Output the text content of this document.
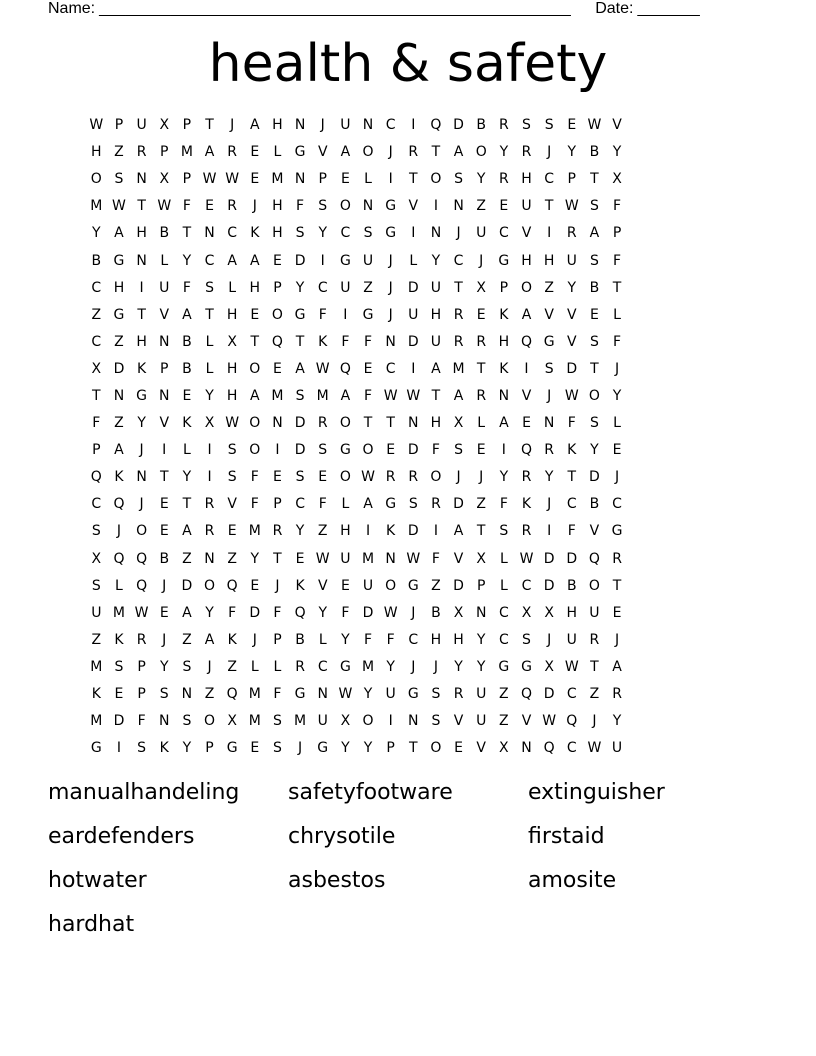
Name: _____________________________________________________ Date: _______
health & safety
W P U X P	T	J	A H N	J	U N C	I	Q D B R S S E W V
H Z R P M A R E	L G V A O	J	R T A O Y R	J	Y B Y
O S N X P W W E M N P E	L	I	T O S Y R H C P	T X
M W T W F	E R	J	H F	S O N G V	I	N Z E U T W S	F
Y A H B T N C K H S Y C S G	I	N	J	U C V	I	R A P
B G N L	Y C A A E D	I	G U	J	L	Y C	J	G H H U S	F
C H	I	U F	S	L H P	Y C U Z	J	D U T X P O Z Y B T
Z G T V A T H E O G F	I	G	J	U H R E K A V V E	L
C Z H N B L X T Q T K	F	F N D U R R H Q G V S	F
X D K P B L H O E A W Q E C	I	A M T K	I	S D T	J
T N G N E Y H A M S M A F W W T A R N V	J W O Y
F Z Y V K X W O N D R O T	T N H X L A E N F	S	L
P A	J	I	L	I	S O	I	D S G O E D F	S E	I	Q R K Y E
Q K N T	Y	I	S	F	E S E O W R R O	J	J	Y R Y	T D	J
C Q	J	E T R V F	P C F	L A G S R D Z F	K	J	C B C
S	J	O E A R E M R Y Z H	I	K D	I	A T S R	I	F V G
X Q Q B Z N Z Y	T E W U M N W F V X L W D D Q R
S	L Q	J	D O Q E	J	K V E U O G Z D P	L C D B O T
U M W E A Y	F D F Q Y	F D W J	B X N C X X H U E
Z K R	J	Z A K	J	P B L	Y	F	F C H H Y C S	J	U R	J
M S P	Y S	J	Z L	L R C G M Y	J	J	Y	Y G G X W T A
K E P S N Z Q M F G N W Y U G S R U Z Q D C Z R
M D F N S O X M S M U X O	I	N S V U Z V W Q	J	Y
G	I	S K Y	P G E S	J	G Y	Y	P	T O E V X N Q C W U
manualhandeling	safetyfootware	extinguisher
eardefenders	chrysotile	firstaid
hotwater	asbestos	amosite
hardhat
